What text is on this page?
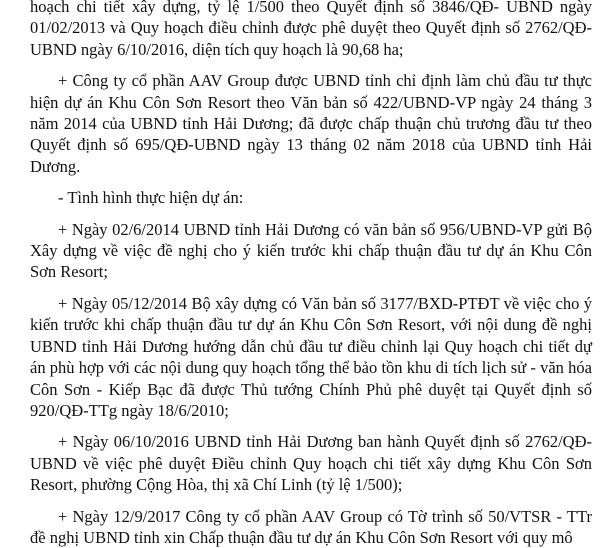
hoạch chi tiết xây dựng, tỷ lệ 1/500 theo Quyết định số 3846/QĐ- UBND ngày 01/02/2013 và Quy hoạch điều chỉnh được phê duyệt theo Quyết định số 2762/QĐ-UBND ngày 6/10/2016, diện tích quy hoạch là 90,68 ha;

+ Công ty cổ phần AAV Group được UBND tỉnh chỉ định làm chủ đầu tư thực hiện dự án Khu Côn Sơn Resort theo Văn bản số 422/UBND-VP ngày 24 tháng 3 năm 2014 của UBND tỉnh Hải Dương; đã được chấp thuận chủ trương đầu tư theo Quyết định số 695/QĐ-UBND ngày 13 tháng 02 năm 2018 của UBND tỉnh Hải Dương.

- Tình hình thực hiện dự án:

+ Ngày 02/6/2014 UBND tỉnh Hải Dương có văn bản số 956/UBND-VP gửi Bộ Xây dựng về việc đề nghị cho ý kiến trước khi chấp thuận đầu tư dự án Khu Côn Sơn Resort;

+ Ngày 05/12/2014 Bộ xây dựng có Văn bản số 3177/BXD-PTĐT về việc cho ý kiến trước khi chấp thuận đầu tư dự án Khu Côn Sơn Resort, với nội dung đề nghị UBND tỉnh Hải Dương hướng dẫn chủ đầu tư điều chỉnh lại Quy hoạch chi tiết dự án phù hợp với các nội dung quy hoạch tổng thể bảo tồn khu di tích lịch sử - văn hóa Côn Sơn - Kiếp Bạc đã được Thủ tướng Chính Phủ phê duyệt tại Quyết định số 920/QĐ-TTg ngày 18/6/2010;

+ Ngày 06/10/2016 UBND tỉnh Hải Dương ban hành Quyết định số 2762/QĐ-UBND về việc phê duyệt Điều chỉnh Quy hoạch chi tiết xây dựng Khu Côn Sơn Resort, phường Cộng Hòa, thị xã Chí Linh (tỷ lệ 1/500);

+ Ngày 12/9/2017 Công ty cổ phần AAV Group có Tờ trình số 50/VTSR - TTr đề nghị UBND tỉnh xin Chấp thuận đầu tư dự án Khu Côn Sơn Resort với quy mô
